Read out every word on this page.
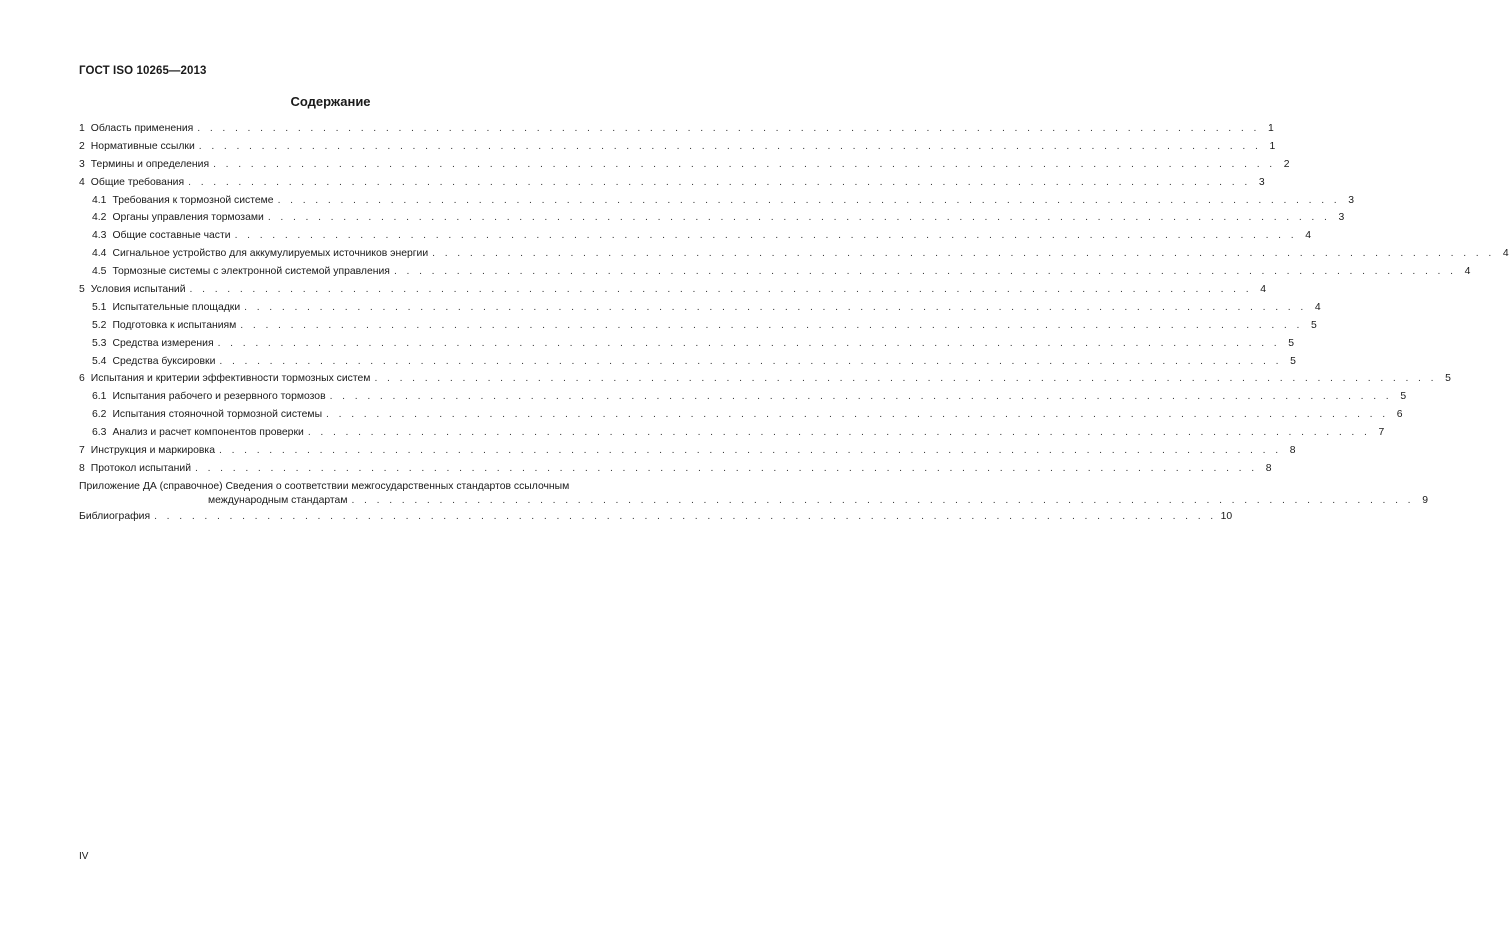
ГОСТ ISO 10265—2013
Содержание
1 Область применения . . . . . . . . . . . . . . . . . . . . . . . . . . . . . . . . . . . . . . . . . . . . . . . . . . . . . . . . . . . . . . . . . . . . . . . . . . . . . . . . . . . . . 1
2 Нормативные ссылки . . . . . . . . . . . . . . . . . . . . . . . . . . . . . . . . . . . . . . . . . . . . . . . . . . . . . . . . . . . . . . . . . . . . . . . . . . . . . . . . . . . . . 1
3 Термины и определения . . . . . . . . . . . . . . . . . . . . . . . . . . . . . . . . . . . . . . . . . . . . . . . . . . . . . . . . . . . . . . . . . . . . . . . . . . . . . . . . . . . . . 2
4 Общие требования . . . . . . . . . . . . . . . . . . . . . . . . . . . . . . . . . . . . . . . . . . . . . . . . . . . . . . . . . . . . . . . . . . . . . . . . . . . . . . . . . . . . . 3
4.1 Требования к тормозной системе . . . . . . . . . . . . . . . . . . . . . . . . . . . . . . . . . . . . . . . . . . . . . . . . . . . . . . . . . . . . . . . . . . . . . . . . . . . . . . . . . . . . . 3
4.2 Органы управления тормозами . . . . . . . . . . . . . . . . . . . . . . . . . . . . . . . . . . . . . . . . . . . . . . . . . . . . . . . . . . . . . . . . . . . . . . . . . . . . . . . . . . . . . 3
4.3 Общие составные части . . . . . . . . . . . . . . . . . . . . . . . . . . . . . . . . . . . . . . . . . . . . . . . . . . . . . . . . . . . . . . . . . . . . . . . . . . . . . . . . . . . . . 4
4.4 Сигнальное устройство для аккумулируемых источников энергии . . . . . . . . . . . . . . . . . . . . . . . . . . . . . . . . . . . . . . . . . . . . . . . . . . . . . . . . . . . . . . . . . . . . . . . . . . . . . . . . . . . . . 4
4.5 Тормозные системы с электронной системой управления . . . . . . . . . . . . . . . . . . . . . . . . . . . . . . . . . . . . . . . . . . . . . . . . . . . . . . . . . . . . . . . . . . . . . . . . . . . . . . . . . . . . . 4
5 Условия испытаний . . . . . . . . . . . . . . . . . . . . . . . . . . . . . . . . . . . . . . . . . . . . . . . . . . . . . . . . . . . . . . . . . . . . . . . . . . . . . . . . . . . . . 4
5.1 Испытательные площадки . . . . . . . . . . . . . . . . . . . . . . . . . . . . . . . . . . . . . . . . . . . . . . . . . . . . . . . . . . . . . . . . . . . . . . . . . . . . . . . . . . . . . 4
5.2 Подготовка к испытаниям . . . . . . . . . . . . . . . . . . . . . . . . . . . . . . . . . . . . . . . . . . . . . . . . . . . . . . . . . . . . . . . . . . . . . . . . . . . . . . . . . . . . . 5
5.3 Средства измерения . . . . . . . . . . . . . . . . . . . . . . . . . . . . . . . . . . . . . . . . . . . . . . . . . . . . . . . . . . . . . . . . . . . . . . . . . . . . . . . . . . . . . 5
5.4 Средства буксировки . . . . . . . . . . . . . . . . . . . . . . . . . . . . . . . . . . . . . . . . . . . . . . . . . . . . . . . . . . . . . . . . . . . . . . . . . . . . . . . . . . . . . 5
6 Испытания и критерии эффективности тормозных систем . . . . . . . . . . . . . . . . . . . . . . . . . . . . . . . . . . . . . . . . . . . . . . . . . . . . . . . . . . . . . . . . . . . . . . . . . . . . . . . . . . . . . 5
6.1 Испытания рабочего и резервного тормозов . . . . . . . . . . . . . . . . . . . . . . . . . . . . . . . . . . . . . . . . . . . . . . . . . . . . . . . . . . . . . . . . . . . . . . . . . . . . . . . . . . . . . 5
6.2 Испытания стояночной тормозной системы . . . . . . . . . . . . . . . . . . . . . . . . . . . . . . . . . . . . . . . . . . . . . . . . . . . . . . . . . . . . . . . . . . . . . . . . . . . . . . . . . . . . . 6
6.3 Анализ и расчет компонентов проверки . . . . . . . . . . . . . . . . . . . . . . . . . . . . . . . . . . . . . . . . . . . . . . . . . . . . . . . . . . . . . . . . . . . . . . . . . . . . . . . . . . . . . 7
7 Инструкция и маркировка . . . . . . . . . . . . . . . . . . . . . . . . . . . . . . . . . . . . . . . . . . . . . . . . . . . . . . . . . . . . . . . . . . . . . . . . . . . . . . . . . . . . . 8
8 Протокол испытаний . . . . . . . . . . . . . . . . . . . . . . . . . . . . . . . . . . . . . . . . . . . . . . . . . . . . . . . . . . . . . . . . . . . . . . . . . . . . . . . . . . . . . 8
Приложение ДА (справочное) Сведения о соответствии межгосударственных стандартов ссылочным
международным стандартам . . . . . . . . . . . . . . . . . . . . . . . . . . . . . . . . . . . . . . . . . . . . . . . . . . . . . . . . . . . . . . . . . . . . . . . . . . . . . . . . . . . . . 9
Библиография . . . . . . . . . . . . . . . . . . . . . . . . . . . . . . . . . . . . . . . . . . . . . . . . . . . . . . . . . . . . . . . . . . . . . . . . . . . . . . . . . . . . . 10
IV
